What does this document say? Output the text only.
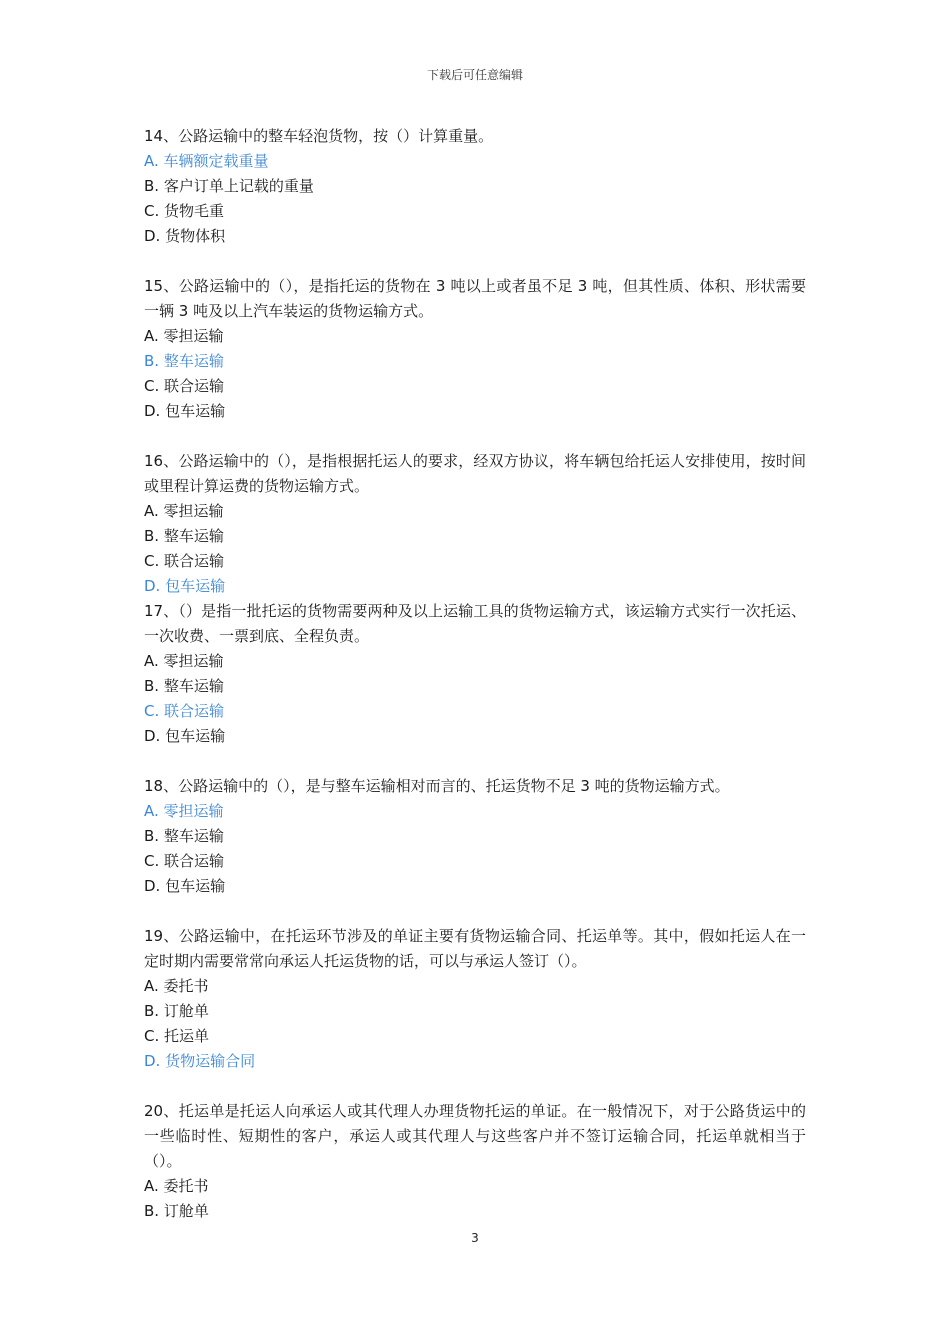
下载后可任意编辑

14、公路运输中的整车轻泡货物，按（）计算重量。

A. 车辆额定载重量

B. 客户订单上记载的重量

C. 货物毛重

D. 货物体积

15、公路运输中的（），是指托运的货物在 3 吨以上或者虽不足 3 吨，但其性质、体积、形状需要一辆 3 吨及以上汽车装运的货物运输方式。

A. 零担运输

B. 整车运输

C. 联合运输

D. 包车运输

16、公路运输中的（），是指根据托运人的要求，经双方协议，将车辆包给托运人安排使用，按时间或里程计算运费的货物运输方式。

A. 零担运输

B. 整车运输

C. 联合运输

D. 包车运输

17、（）是指一批托运的货物需要两种及以上运输工具的货物运输方式，该运输方式实行一次托运、一次收费、一票到底、全程负责。

A. 零担运输

B. 整车运输

C. 联合运输

D. 包车运输

18、公路运输中的（），是与整车运输相对而言的、托运货物不足 3 吨的货物运输方式。

A. 零担运输

B. 整车运输

C. 联合运输

D. 包车运输

19、公路运输中，在托运环节涉及的单证主要有货物运输合同、托运单等。其中，假如托运人在一定时期内需要常常向承运人托运货物的话，可以与承运人签订（）。

A. 委托书

B. 订舱单

C. 托运单

D. 货物运输合同

20、托运单是托运人向承运人或其代理人办理货物托运的单证。在一般情况下，对于公路货运中的一些临时性、短期性的客户，承运人或其代理人与这些客户并不签订运输合同，托运单就相当于（）。

A. 委托书

B. 订舱单

3
